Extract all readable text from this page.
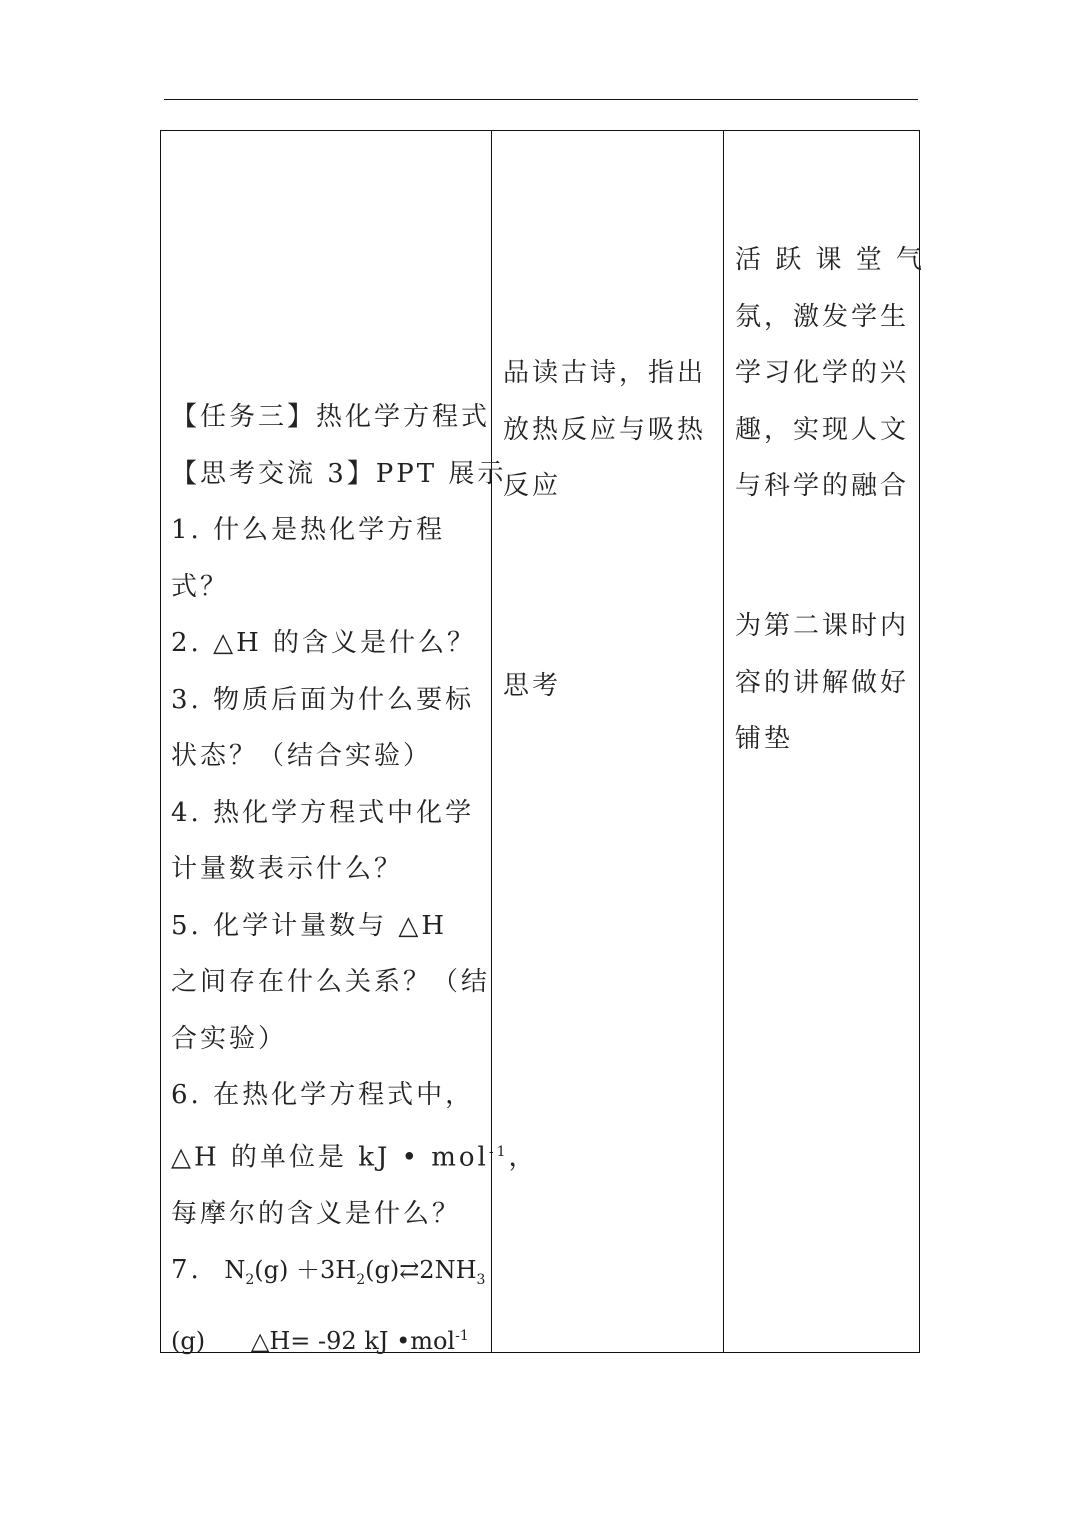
【任务三】热化学方程式
【思考交流 3】PPT 展示
1. 什么是热化学方程
式？
2. △H 的含义是什么？
3. 物质后面为什么要标
状态？（结合实验）
4. 热化学方程式中化学
计量数表示什么？
5. 化学计量数与 △H
之间存在什么关系？（结
合实验）
6. 在热化学方程式中，
△H 的单位是 kJ • mol$^{-1}$，
每摩尔的含义是什么？
7. $N_2(g)$ $+3H_2(g)⇄2NH_3$
(g) △H= -92 kJ •mol$^{-1}$
品读古诗，指出
放热反应与吸热
反应
思考
活 跃 课 堂 气
氛，激发学生
学习化学的兴
趣，实现人文
与科学的融合
为第二课时内
容的讲解做好
铺垫
